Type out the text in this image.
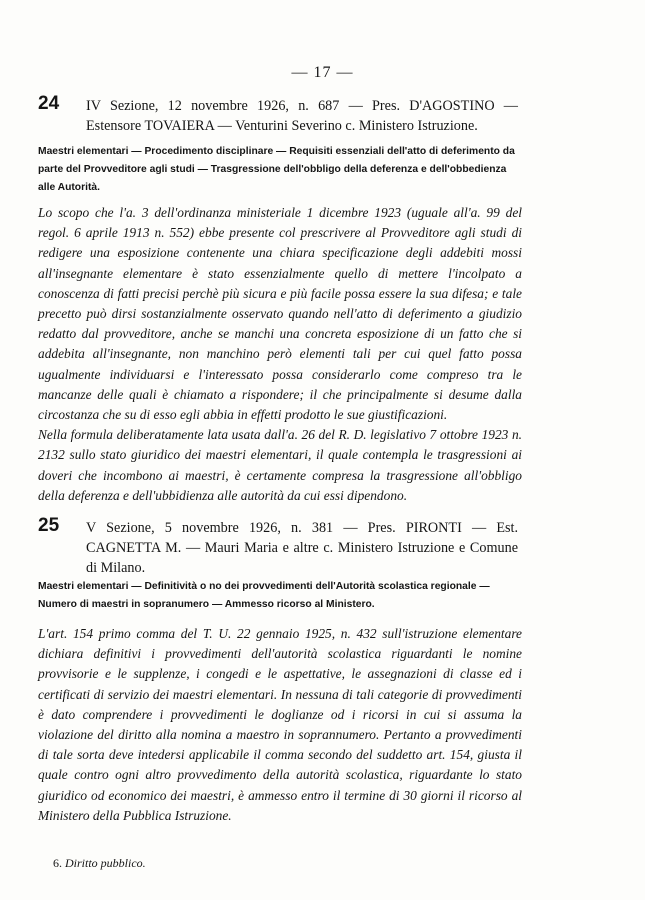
— 17 —
24 IV Sezione, 12 novembre 1926, n. 687 — Pres. D'AGOSTINO — Estensore TOVAIERA — Venturini Severino c. Ministero Istruzione.
Maestri elementari — Procedimento disciplinare — Requisiti essenziali dell'atto di deferimento da parte del Provveditore agli studi — Trasgressione dell'obbligo della deferenza e dell'obbedienza alle Autorità.

Lo scopo che l'a. 3 dell'ordinanza ministeriale 1 dicembre 1923 (uguale all'a. 99 del regol. 6 aprile 1913 n. 552) ebbe presente col prescrivere al Provveditore agli studi di redigere una esposizione contenente una chiara specificazione degli addebiti mossi all'insegnante elementare è stato essenzialmente quello di mettere l'incolpato a conoscenza di fatti precisi perchè più sicura e più facile possa essere la sua difesa; e tale precetto può dirsi sostanzialmente osservato quando nell'atto di deferimento a giudizio redatto dal provveditore, anche se manchi una concreta esposizione di un fatto che si addebita all'insegnante, non manchino però elementi tali per cui quel fatto possa ugualmente individuarsi e l'interessato possa considerarlo come compreso tra le mancanze delle quali è chiamato a rispondere; il che principalmente si desume dalla circostanza che su di esso egli abbia in effetti prodotto le sue giustificazioni.

Nella formula deliberatamente lata usata dall'a. 26 del R. D. legislativo 7 ottobre 1923 n. 2132 sullo stato giuridico dei maestri elementari, il quale contempla le trasgressioni ai doveri che incombono ai maestri, è certamente compresa la trasgressione all'obbligo della deferenza e dell'ubbidienza alle autorità da cui essi dipendono.

25 V Sezione, 5 novembre 1926, n. 381 — Pres. PIRONTI — Est. CAGNETTA M. — Mauri Maria e altre c. Ministero Istruzione e Comune di Milano.
Maestri elementari — Definitività o no dei provvedimenti dell'Autorità scolastica regionale — Numero di maestri in sopranumero — Ammesso ricorso al Ministero.

L'art. 154 primo comma del T. U. 22 gennaio 1925, n. 432 sull'istruzione elementare dichiara definitivi i provvedimenti dell'autorità scolastica riguardanti le nomine provvisorie e le supplenze, i congedi e le aspettative, le assegnazioni di classe ed i certificati di servizio dei maestri elementari. In nessuna di tali categorie di provvedimenti è dato comprendere i provvedimenti le doglianze od i ricorsi in cui si assuma la violazione del diritto alla nomina a maestro in soprannumero. Pertanto a provvedimenti di tale sorta deve intedersi applicabile il comma secondo del suddetto art. 154, giusta il quale contro ogni altro provvedimento della autorità scolastica, riguardante lo stato giuridico od economico dei maestri, è ammesso entro il termine di 30 giorni il ricorso al Ministero della Pubblica Istruzione.

6. Diritto pubblico.
